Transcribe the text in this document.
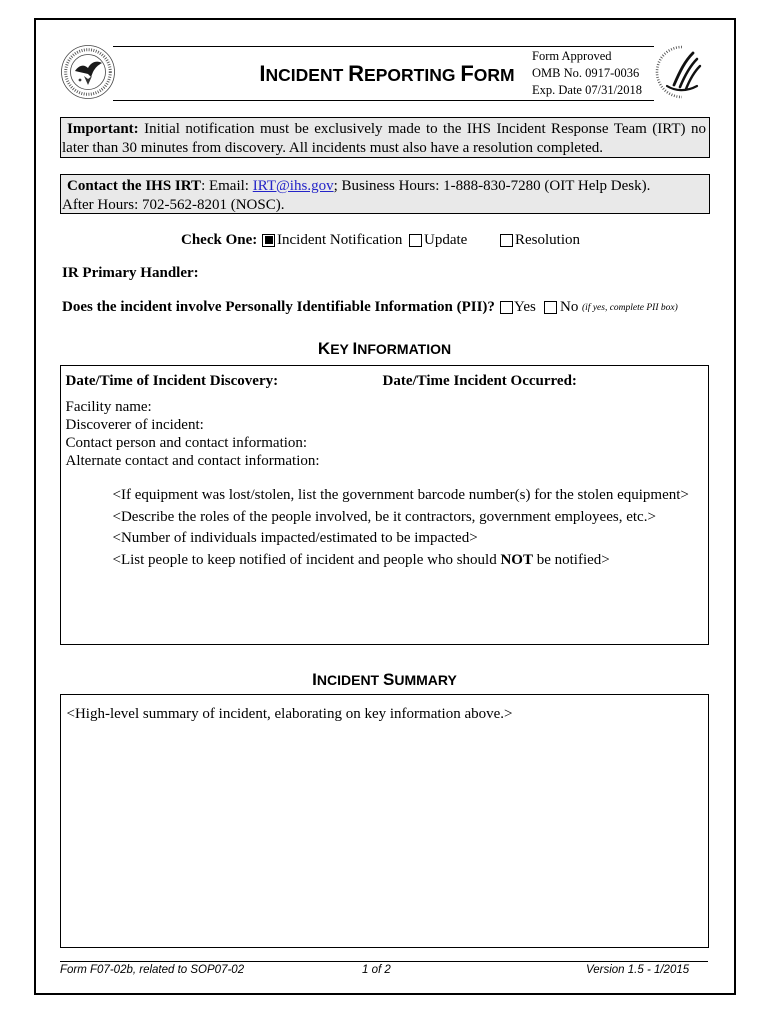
INCIDENT REPORTING FORM
Form Approved
OMB No. 0917-0036
Exp. Date 07/31/2018
Important: Initial notification must be exclusively made to the IHS Incident Response Team (IRT) no
later than 30 minutes from discovery. All incidents must also have a resolution completed.
Contact the IHS IRT: Email: IRT@ihs.gov; Business Hours: 1-888-830-7280 (OIT Help Desk).
After Hours: 702-562-8201 (NOSC).
Check One: Incident Notification Update	Resolution
IR Primary Handler:
Does the incident involve Personally Identifiable Information (PII)? Yes No (if yes, complete PII box)
KEY INFORMATION
Date/Time of Incident Discovery:	Date/Time Incident Occurred:
Facility name:
Discoverer of incident:
Contact person and contact information:
Alternate contact and contact information:
<If equipment was lost/stolen, list the government barcode number(s) for the stolen equipment>
<Describe the roles of the people involved, be it contractors, government employees, etc.>
<Number of individuals impacted/estimated to be impacted>
<List people to keep notified of incident and people who should NOT be notified>
INCIDENT SUMMARY
<High-level summary of incident, elaborating on key information above.>
Form F07-02b, related to SOP07-02	1 of 2	Version 1.5 - 1/2015
